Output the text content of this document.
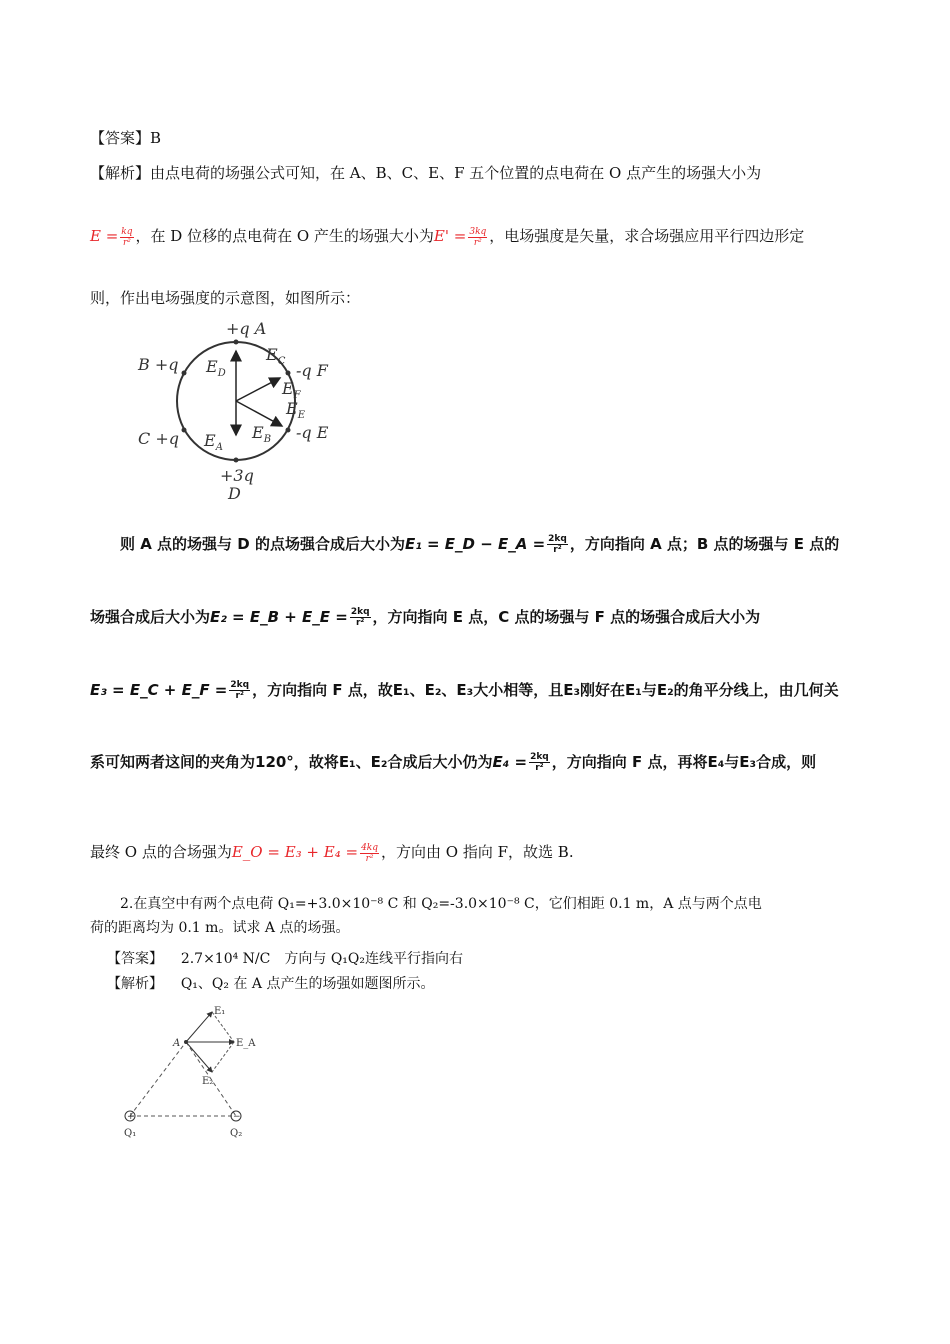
【答案】B
【解析】由点电荷的场强公式可知，在 A、B、C、E、F 五个位置的点电荷在 O 点产生的场强大小为
$E = \frac{kq}{\text{r²}}$ ，在 D 位移的点电荷在 O 产生的场强大小为$E' = \frac{3kq}{\text{r²}}$ ，电场强度是矢量，求合场强应用平行四边形定
则，作出电场强度的示意图，如图所示：
+q A
B +q
C +q
-q F
-q E
+3q
D
$E_D$
$E_A$
$E_B$
$E_C$
$E_F$
$E_E$
则 A 点的场强与 D 的点场强合成后大小为E₁ = E_D − E_A = $\frac{2kq}{\text{r²}}$ ，方向指向 A 点；B 点的场强与 E 点的
场强合成后大小为E₂ = E_B + E_E = $\frac{2kq}{\text{r²}}$ ，方向指向 E 点，C 点的场强与 F 点的场强合成后大小为
E₃ = E_C + E_F = $\frac{2kq}{\text{r²}}$ ，方向指向 F 点，故E₁、E₂、E₃大小相等，且E₃刚好在E₁与E₂的角平分线上，由几何关
系可知两者这间的夹角为120°，故将E₁、E₂合成后大小仍为$E_4 = \frac{2kq}{\text{r²}}$ ，方向指向 F 点，再将E₄与E₃合成，则
最终 O 点的合场强为E_O = $E_3 + E_4 = \frac{4kq}{\text{r²}}$ ，方向由 O 指向 F，故选 B.
2.在真空中有两个点电荷 Q₁=+3.0×10⁻⁸ C 和 Q₂=-3.0×10⁻⁸ C，它们相距 0.1 m，A 点与两个点电
荷的距离均为 0.1 m。试求 A 点的场强。
【答案】 2.7×10⁴ N/C　方向与 Q₁Q₂连线平行指向右
【解析】 Q₁、Q₂ 在 A 点产生的场强如题图所示。
+	−
A
E₁
E_A
E₂
Q₁	Q₂
